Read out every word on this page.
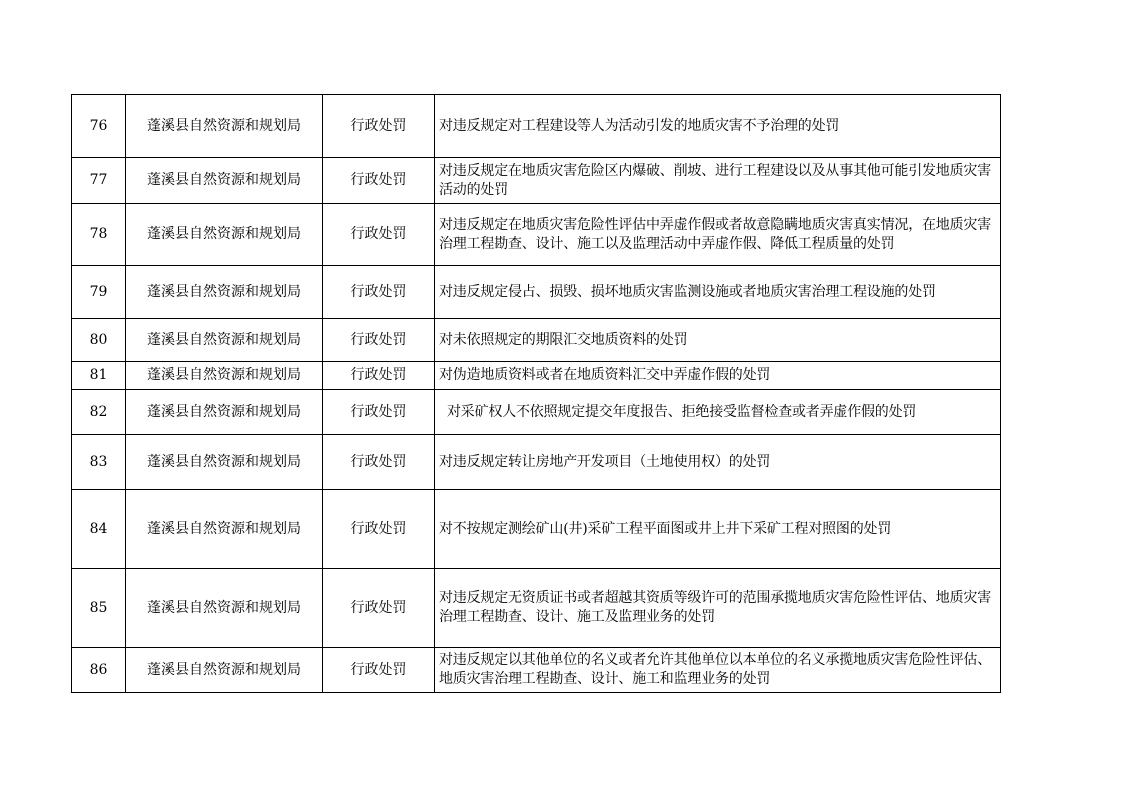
76	蓬溪县自然资源和规划局	行政处罚	对违反规定对工程建设等人为活动引发的地质灾害不予治理的处罚
77	蓬溪县自然资源和规划局	行政处罚	对违反规定在地质灾害危险区内爆破、削坡、进行工程建设以及从事其他可能引发地质灾害活动的处罚
78	蓬溪县自然资源和规划局	行政处罚	对违反规定在地质灾害危险性评估中弄虚作假或者故意隐瞒地质灾害真实情况，在地质灾害治理工程勘查、设计、施工以及监理活动中弄虚作假、降低工程质量的处罚
79	蓬溪县自然资源和规划局	行政处罚	对违反规定侵占、损毁、损坏地质灾害监测设施或者地质灾害治理工程设施的处罚
80	蓬溪县自然资源和规划局	行政处罚	对未依照规定的期限汇交地质资料的处罚
81	蓬溪县自然资源和规划局	行政处罚	对伪造地质资料或者在地质资料汇交中弄虚作假的处罚
82	蓬溪县自然资源和规划局	行政处罚	对采矿权人不依照规定提交年度报告、拒绝接受监督检查或者弄虚作假的处罚
83	蓬溪县自然资源和规划局	行政处罚	对违反规定转让房地产开发项目（土地使用权）的处罚
84	蓬溪县自然资源和规划局	行政处罚	对不按规定测绘矿山(井)采矿工程平面图或井上井下采矿工程对照图的处罚
85	蓬溪县自然资源和规划局	行政处罚	对违反规定无资质证书或者超越其资质等级许可的范围承揽地质灾害危险性评估、地质灾害治理工程勘查、设计、施工及监理业务的处罚
86	蓬溪县自然资源和规划局	行政处罚	对违反规定以其他单位的名义或者允许其他单位以本单位的名义承揽地质灾害危险性评估、地质灾害治理工程勘查、设计、施工和监理业务的处罚
